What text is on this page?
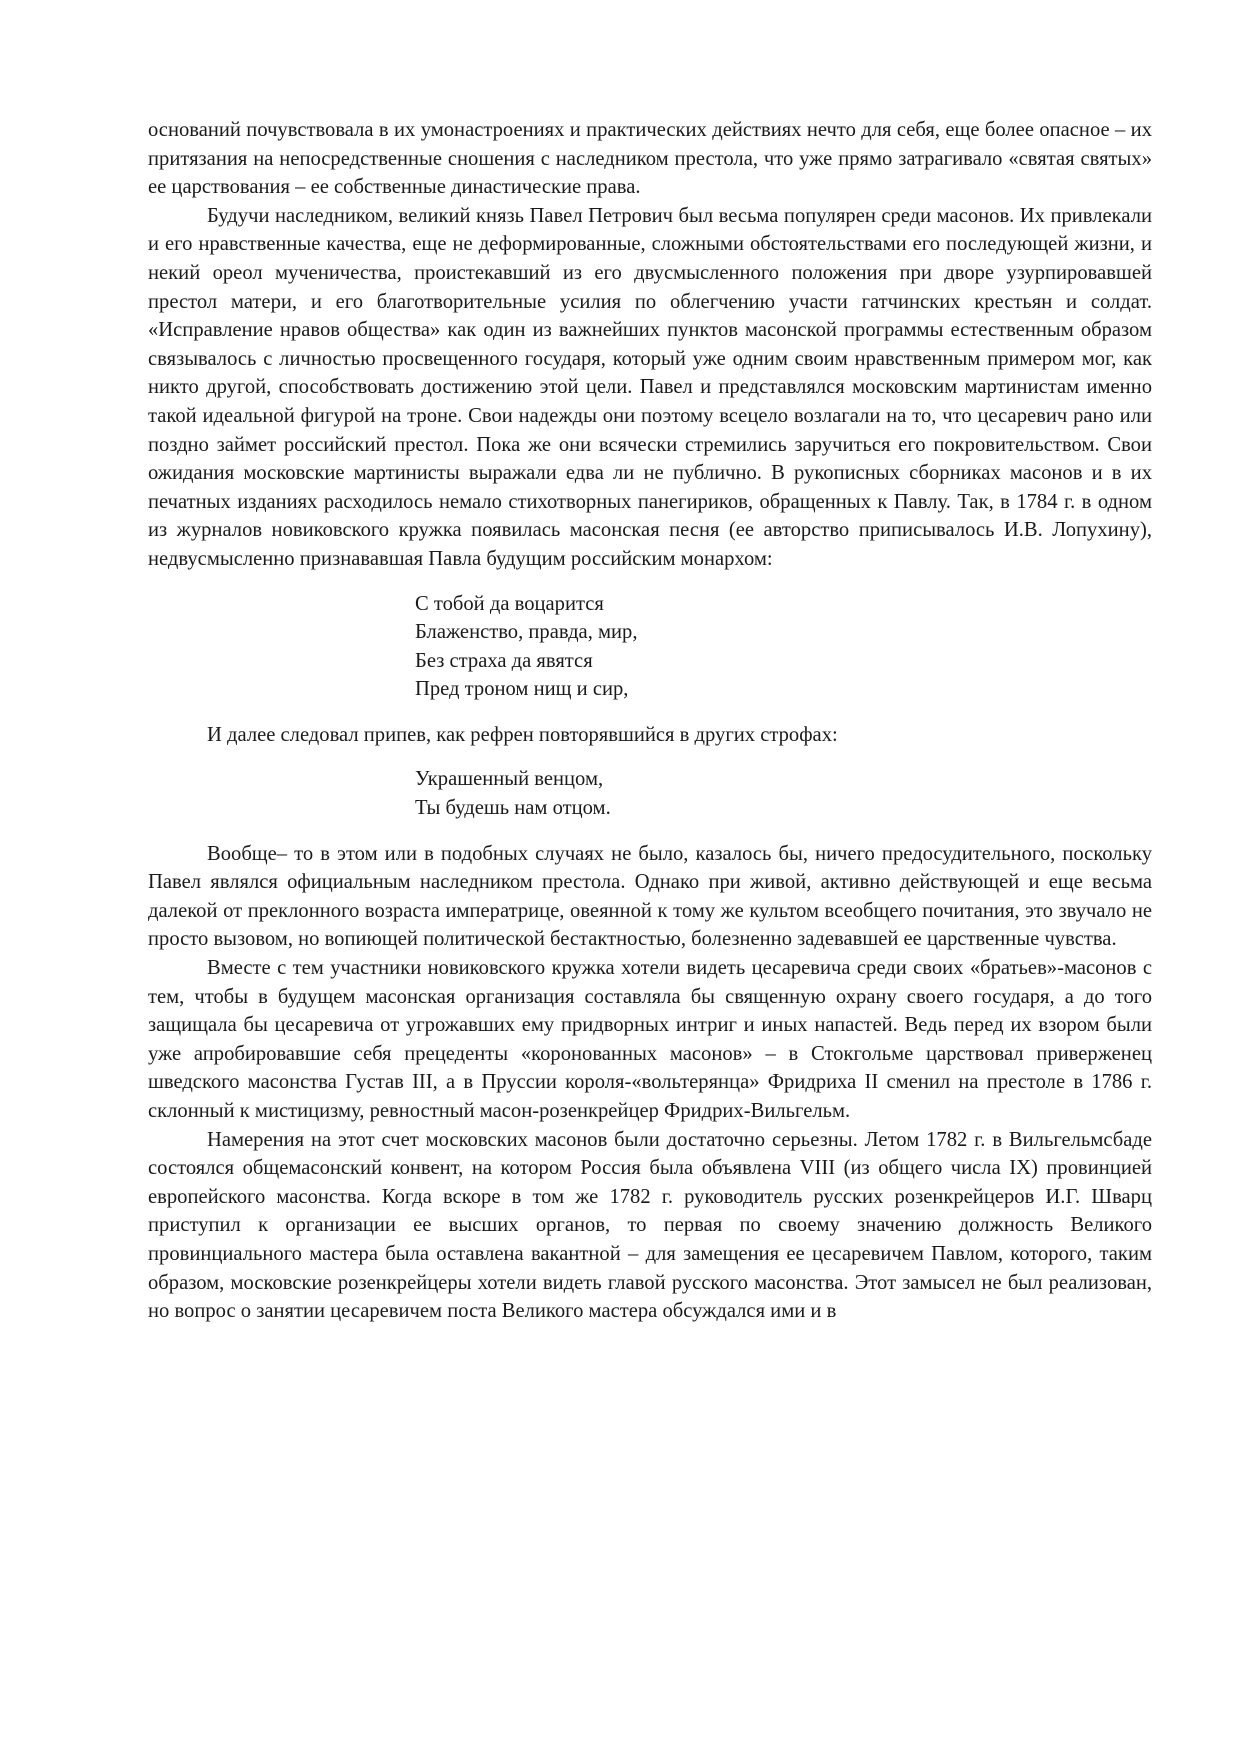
оснований почувствовала в их умонастроениях и практических действиях нечто для себя, еще более опасное – их притязания на непосредственные сношения с наследником престола, что уже прямо затрагивало «святая святых» ее царствования – ее собственные династические права.

Будучи наследником, великий князь Павел Петрович был весьма популярен среди масонов. Их привлекали и его нравственные качества, еще не деформированные, сложными обстоятельствами его последующей жизни, и некий ореол мученичества, проистекавший из его двусмысленного положения при дворе узурпировавшей престол матери, и его благотворительные усилия по облегчению участи гатчинских крестьян и солдат. «Исправление нравов общества» как один из важнейших пунктов масонской программы естественным образом связывалось с личностью просвещенного государя, который уже одним своим нравственным примером мог, как никто другой, способствовать достижению этой цели. Павел и представлялся московским мартинистам именно такой идеальной фигурой на троне. Свои надежды они поэтому всецело возлагали на то, что цесаревич рано или поздно займет российский престол. Пока же они всячески стремились заручиться его покровительством. Свои ожидания московские мартинисты выражали едва ли не публично. В рукописных сборниках масонов и в их печатных изданиях расходилось немало стихотворных панегириков, обращенных к Павлу. Так, в 1784 г. в одном из журналов новиковского кружка появилась масонская песня (ее авторство приписывалось И.В. Лопухину), недвусмысленно признававшая Павла будущим российским монархом:

С тобой да воцарится
Блаженство, правда, мир,
Без страха да явятся
Пред троном нищ и сир,

И далее следовал припев, как рефрен повторявшийся в других строфах:

Украшенный венцом,
Ты будешь нам отцом.

Вообще– то в этом или в подобных случаях не было, казалось бы, ничего предосудительного, поскольку Павел являлся официальным наследником престола. Однако при живой, активно действующей и еще весьма далекой от преклонного возраста императрице, овеянной к тому же культом всеобщего почитания, это звучало не просто вызовом, но вопиющей политической бестактностью, болезненно задевавшей ее царственные чувства.

Вместе с тем участники новиковского кружка хотели видеть цесаревича среди своих «братьев»-масонов с тем, чтобы в будущем масонская организация составляла бы священную охрану своего государя, а до того защищала бы цесаревича от угрожавших ему придворных интриг и иных напастей. Ведь перед их взором были уже апробировавшие себя прецеденты «коронованных масонов» – в Стокгольме царствовал приверженец шведского масонства Густав III, а в Пруссии короля-«вольтерянца» Фридриха II сменил на престоле в 1786 г. склонный к мистицизму, ревностный масон-розенкрейцер Фридрих-Вильгельм.

Намерения на этот счет московских масонов были достаточно серьезны. Летом 1782 г. в Вильгельмсбаде состоялся общемасонский конвент, на котором Россия была объявлена VIII (из общего числа IX) провинцией европейского масонства. Когда вскоре в том же 1782 г. руководитель русских розенкрейцеров И.Г. Шварц приступил к организации ее высших органов, то первая по своему значению должность Великого провинциального мастера была оставлена вакантной – для замещения ее цесаревичем Павлом, которого, таким образом, московские розенкрейцеры хотели видеть главой русского масонства. Этот замысел не был реализован, но вопрос о занятии цесаревичем поста Великого мастера обсуждался ими и в
